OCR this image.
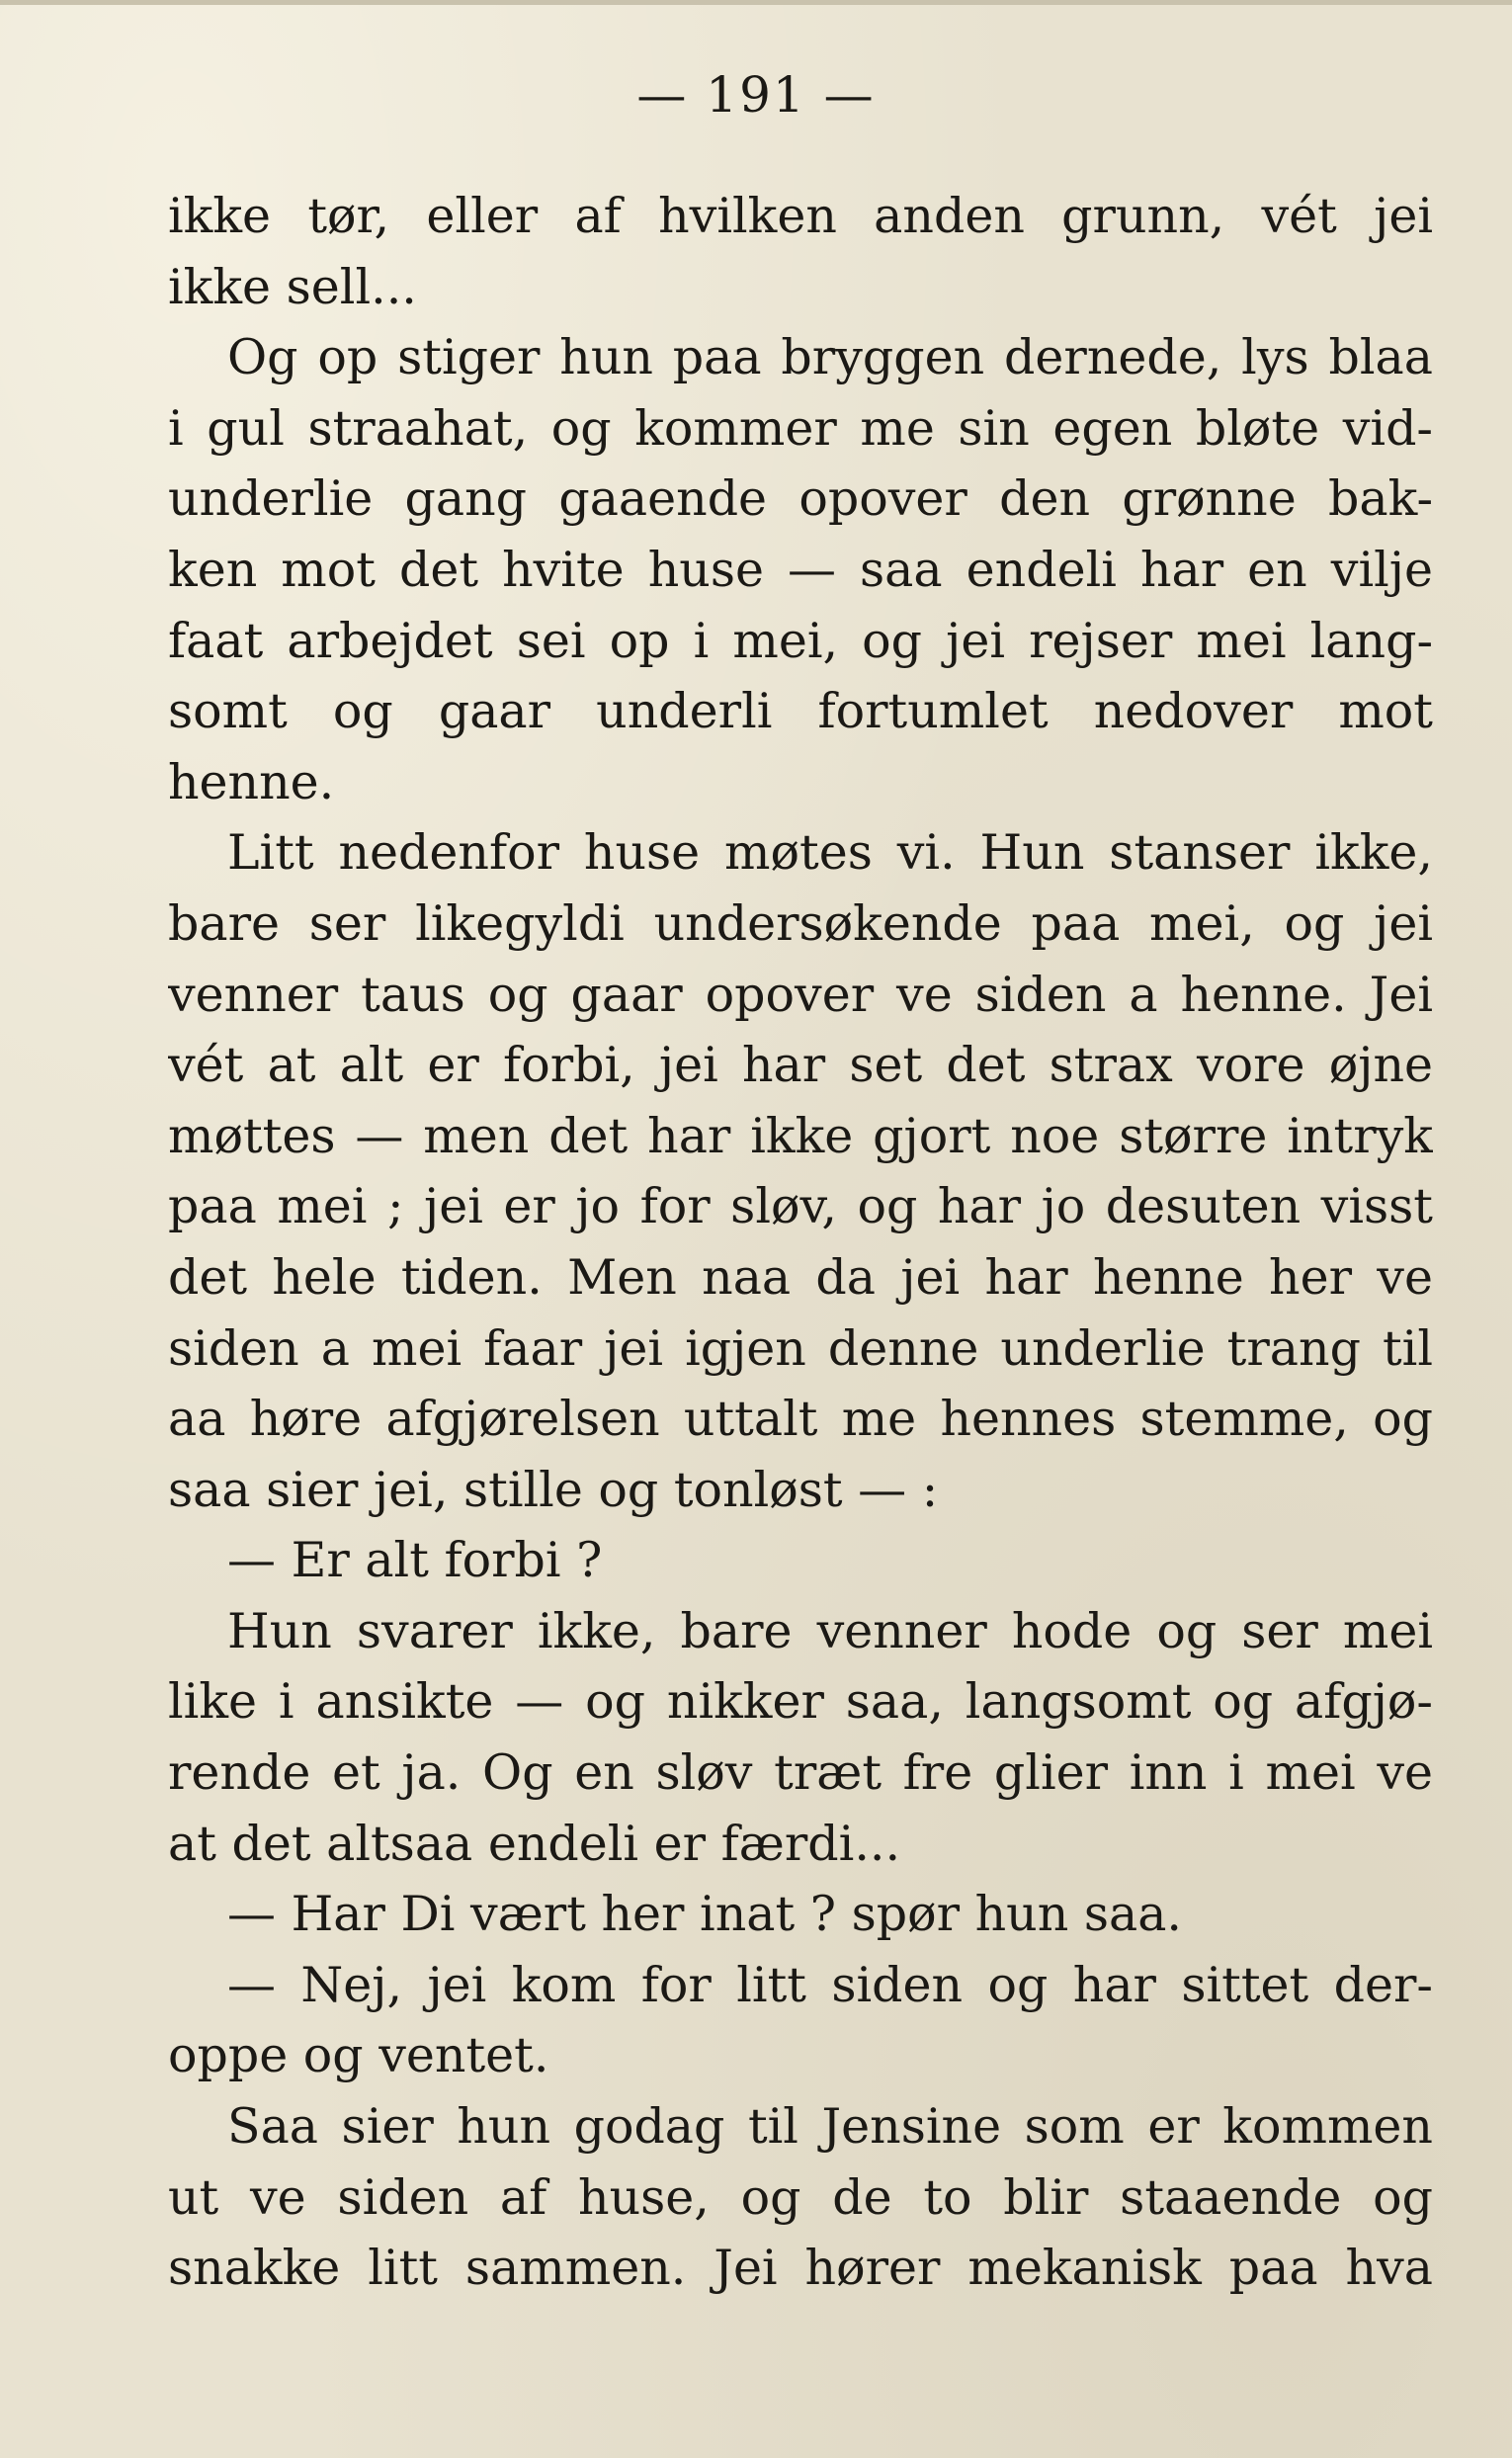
— 191 —
ikke tør, eller af hvilken anden grunn, vét jei
ikke sell...
Og op stiger hun paa bryggen dernede, lys blaa
i gul straahat, og kommer me sin egen bløte vid-
underlie gang gaaende opover den grønne bak-
ken mot det hvite huse — saa endeli har en vilje
faat arbejdet sei op i mei, og jei rejser mei lang-
somt og gaar underli fortumlet nedover mot
henne.
Litt nedenfor huse møtes vi. Hun stanser ikke,
bare ser likegyldi undersøkende paa mei, og jei
venner taus og gaar opover ve siden a henne. Jei
vét at alt er forbi, jei har set det strax vore øjne
møttes — men det har ikke gjort noe større intryk
paa mei ; jei er jo for sløv, og har jo desuten visst
det hele tiden. Men naa da jei har henne her ve
siden a mei faar jei igjen denne underlie trang til
aa høre afgjørelsen uttalt me hennes stemme, og
saa sier jei, stille og tonløst — :
— Er alt forbi ?
Hun svarer ikke, bare venner hode og ser mei
like i ansikte — og nikker saa, langsomt og afgjø-
rende et ja. Og en sløv træt fre glier inn i mei ve
at det altsaa endeli er færdi...
— Har Di vært her inat ? spør hun saa.
— Nej, jei kom for litt siden og har sittet der-
oppe og ventet.
Saa sier hun godag til Jensine som er kommen
ut ve siden af huse, og de to blir staaende og
snakke litt sammen. Jei hører mekanisk paa hva
